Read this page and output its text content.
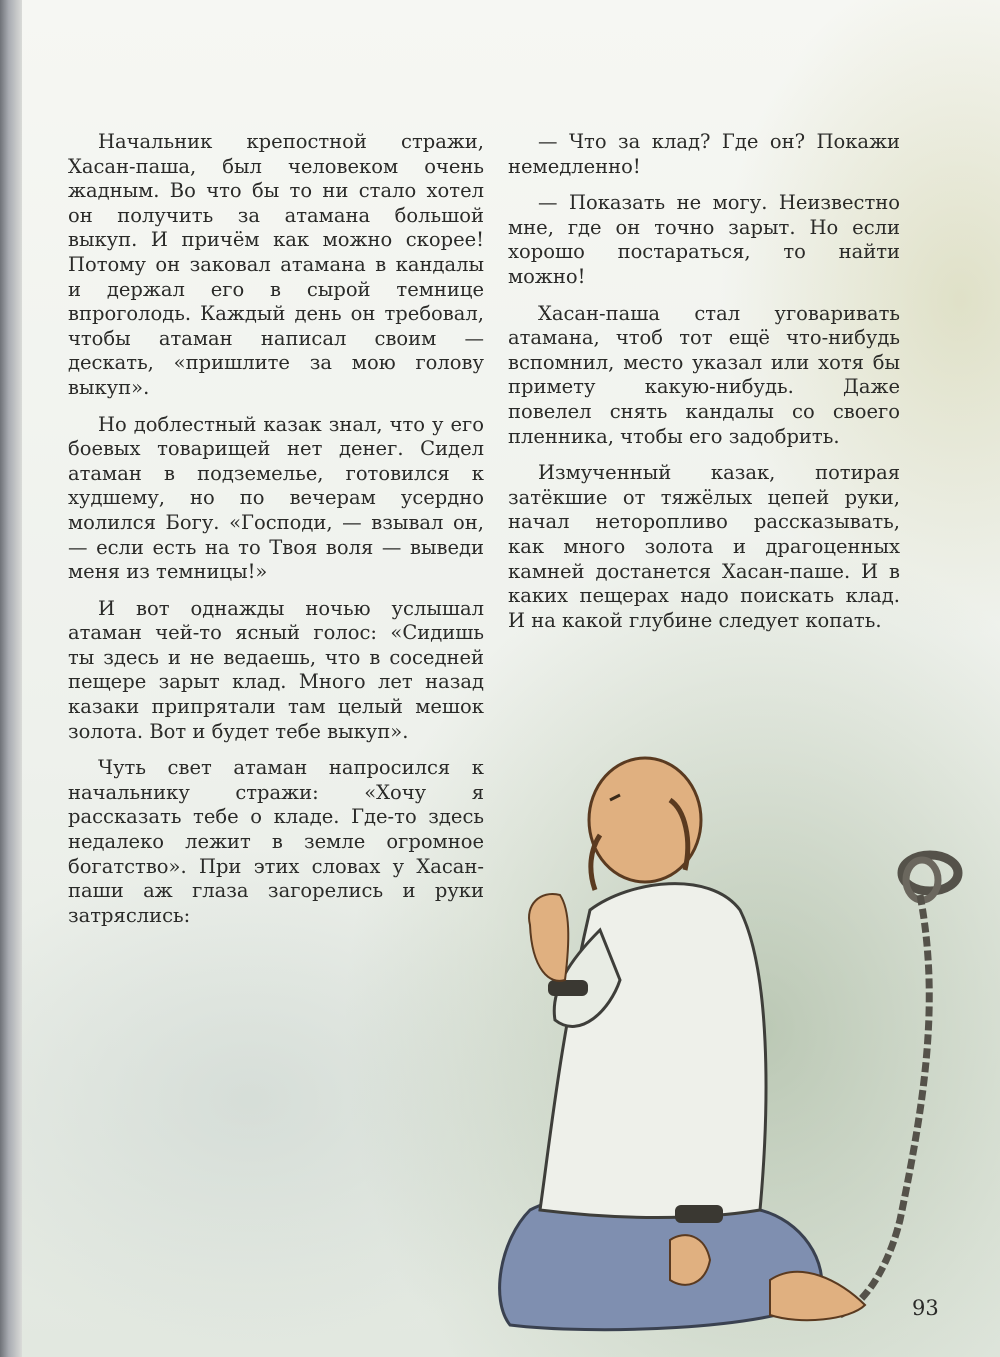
Начальник крепостной стражи, Хасан-паша, был человеком очень жадным. Во что бы то ни стало хотел он получить за атамана большой выкуп. И причём как можно скорее! Потому он заковал атамана в кандалы и держал его в сырой темнице впроголодь. Каждый день он требовал, чтобы атаман написал своим — дескать, «пришлите за мою голову выкуп».

Но доблестный казак знал, что у его боевых товарищей нет денег. Сидел атаман в подземелье, готовился к худшему, но по вечерам усердно молился Богу. «Господи, — взывал он, — если есть на то Твоя воля — выведи меня из темницы!»

И вот однажды ночью услышал атаман чей-то ясный голос: «Сидишь ты здесь и не ведаешь, что в соседней пещере зарыт клад. Много лет назад казаки припрятали там целый мешок золота. Вот и будет тебе выкуп».

Чуть свет атаман напросился к начальнику стражи: «Хочу я рассказать тебе о кладе. Где-то здесь недалеко лежит в земле огромное богатство». При этих словах у Хасан-паши аж глаза загорелись и руки затряслись:

— Что за клад? Где он? Покажи немедленно!

— Показать не могу. Неизвестно мне, где он точно зарыт. Но если хорошо постараться, то найти можно!

Хасан-паша стал уговаривать атамана, чтоб тот ещё что-нибудь вспомнил, место указал или хотя бы примету какую-нибудь. Даже повелел снять кандалы со своего пленника, чтобы его задобрить.

Измученный казак, потирая затёкшие от тяжёлых цепей руки, начал неторопливо рассказывать, как много золота и драгоценных камней достанется Хасан-паше. И в каких пещерах надо поискать клад. И на какой глубине следует копать.

93
